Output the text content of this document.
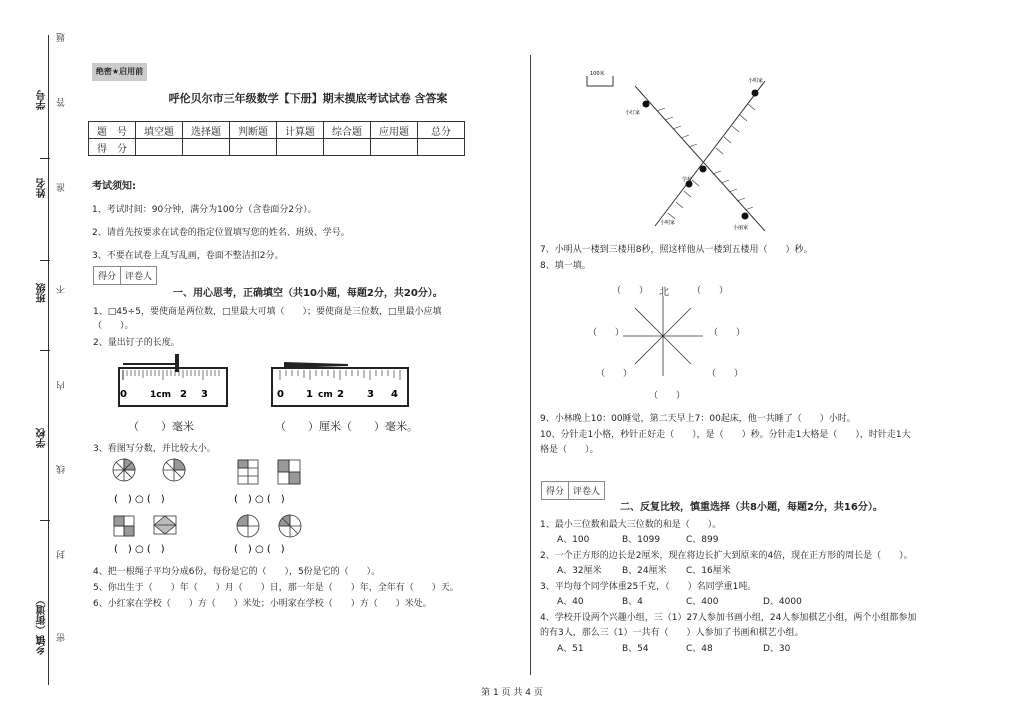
学号
姓名
班级
学校
乡镇（街道）
题
答
准
不
内
线
封
密
绝密★启用前
呼伦贝尔市三年级数学【下册】期末摸底考试试卷 含答案
题　号	填空题	选择题	判断题	计算题	综合题	应用题	总分
得　分							
考试须知:
1、考试时间：90分钟，满分为100分（含卷面分2分）。
2、请首先按要求在试卷的指定位置填写您的姓名、班级、学号。
3、不要在试卷上乱写乱画，卷面不整洁扣2分。
得分	评卷人
一、用心思考，正确填空（共10小题，每题2分，共20分）。
1、□45÷5，要使商是两位数，□里最大可填（　　）；要使商是三位数，□里最小应填
（　　）。
2、量出钉子的长度。
0	1cm 2 3	0 1 cm 2 3 4
（　　）毫米	（　　）厘米（　　）毫米。
3、看图写分数，并比较大小。
(　) ○ (　)
(　) ○ (　)
(　) ○ (　)
(　) ○ (　)
4、把一根绳子平均分成6份，每份是它的（　　），5份是它的（　　）。
5、你出生于（　　）年（　　）月（　　）日，那一年是（　　）年，全年有（　　）天。
6、小红家在学校（　　）方（　　）米处；小明家在学校（　　）方（　　）米处。
100米
小明家
小红家
学校
小明家
小丽家
7、小明从一楼到三楼用8秒，照这样他从一楼到五楼用（　　）秒。
8、填一填。
（　　） 北	（　　）
（　　）	（　　）
（　　）	（　　）
（　　）
9、小林晚上10：00睡觉，第二天早上7：00起床，他一共睡了（　　）小时。
10、分针走1小格，秒针正好走（　　），是（　　）秒。分针走1大格是（　　），时针走1大
格是（　　）。
得分	评卷人
二、反复比较，慎重选择（共8小题，每题2分，共16分）。
1、最小三位数和最大三位数的和是（　　）。
A、100	B、1099	C、899
2、一个正方形的边长是2厘米，现在将边长扩大到原来的4倍，现在正方形的周长是（　　）。
A、32厘米 B、24厘米 C、16厘米
3、平均每个同学体重25千克，（　　）名同学重1吨。
A、40	B、4	C、400	D、4000
4、学校开设两个兴趣小组，三（1）27人参加书画小组，24人参加棋艺小组，两个小组都参加
的有3人，那么三（1）一共有（　　）人参加了书画和棋艺小组。
A、51	B、54	C、48	D、30
第 1 页 共 4 页
